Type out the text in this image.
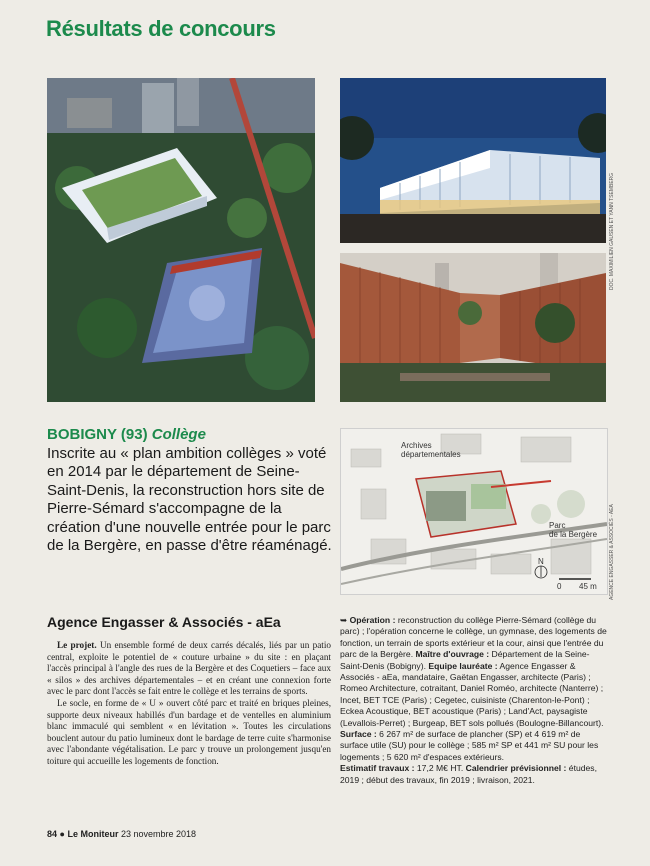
Résultats de concours
DOC. MAXIMILIEN GAUSEN ET YANN TSEMBERG
BOBIGNY (93) Collège
Inscrite au « plan ambition collèges » voté en 2014 par le département de Seine-Saint-Denis, la reconstruction hors site de Pierre-Sémard s'accompagne de la création d'une nouvelle entrée pour le parc de la Bergère, en passe d'être réaménagé.
Archives
départementales
Parc
de la Bergère
N
0 45 m AGENCE ENGASSER & ASSOCIÉS - AEA
Agence Engasser & Associés - aEa

Le projet. Un ensemble formé de deux carrés décalés, liés par un patio central, exploite le potentiel de « couture urbaine » du site : en plaçant l'accès principal à l'angle des rues de la Bergère et des Coquetiers – face aux « silos » des archives départementales – et en créant une connexion forte avec le parc dont l'accès se fait entre le collège et les terrains de sports.

Le socle, en forme de « U » ouvert côté parc et traité en briques pleines, supporte deux niveaux habillés d'un bardage et de ventelles en aluminium blanc immaculé qui semblent « en lévitation ». Toutes les circulations bouclent autour du patio lumineux dont le bardage de terre cuite s'harmonise avec l'abondante végétalisation. Le parc y trouve un prolongement jusqu'en toiture qui accueille les logements de fonction.

➥ Opération : reconstruction du collège Pierre-Sémard (collège du parc) ; l'opération concerne le collège, un gymnase, des logements de fonction, un terrain de sports extérieur et la cour, ainsi que l'entrée du parc de la Bergère. Maître d'ouvrage : Département de la Seine-Saint-Denis (Bobigny). Equipe lauréate : Agence Engasser & Associés - aEa, mandataire, Gaëtan Engasser, architecte (Paris) ; Romeo Architecture, cotraitant, Daniel Roméo, architecte (Nanterre) ; Incet, BET TCE (Paris) ; Cegetec, cuisiniste (Charenton-le-Pont) ; Eckea Acoustique, BET acoustique (Paris) ; Land'Act, paysagiste (Levallois-Perret) ; Burgeap, BET sols pollués (Boulogne-Billancourt). Surface : 6 267 m² de surface de plancher (SP) et 4 619 m² de surface utile (SU) pour le collège ; 585 m² SP et 441 m² SU pour les logements ; 5 620 m² d'espaces extérieurs.
Estimatif travaux : 17,2 M€ HT. Calendrier prévisionnel : études, 2019 ; début des travaux, fin 2019 ; livraison, 2021.

84 ● Le Moniteur 23 novembre 2018
